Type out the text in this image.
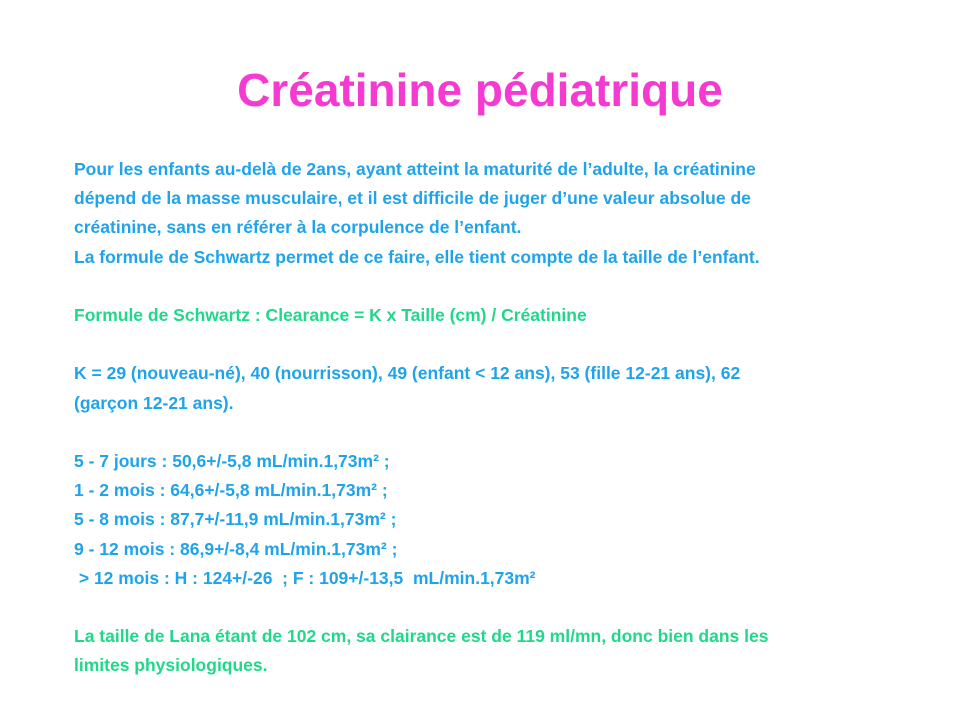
Créatinine pédiatrique
Pour les enfants au-delà de 2ans, ayant atteint la maturité de l’adulte, la créatinine
dépend de la masse musculaire, et il est difficile de juger d’une valeur absolue de
créatinine, sans en référer à la corpulence de l’enfant.
La formule de Schwartz permet de ce faire, elle tient compte de la taille de l’enfant.
Formule de Schwartz : Clearance = K x Taille (cm) / Créatinine
K = 29 (nouveau-né), 40 (nourrisson), 49 (enfant < 12 ans), 53 (fille 12-21 ans), 62
(garçon 12-21 ans).
5 - 7 jours : 50,6+/-5,8 mL/min.1,73m² ;
1 - 2 mois : 64,6+/-5,8 mL/min.1,73m² ;
5 - 8 mois : 87,7+/-11,9 mL/min.1,73m² ;
9 - 12 mois : 86,9+/-8,4 mL/min.1,73m² ;
> 12 mois : H : 124+/-26  ; F : 109+/-13,5  mL/min.1,73m²
La taille de Lana étant de 102 cm, sa clairance est de 119 ml/mn, donc bien dans les
limites physiologiques.
